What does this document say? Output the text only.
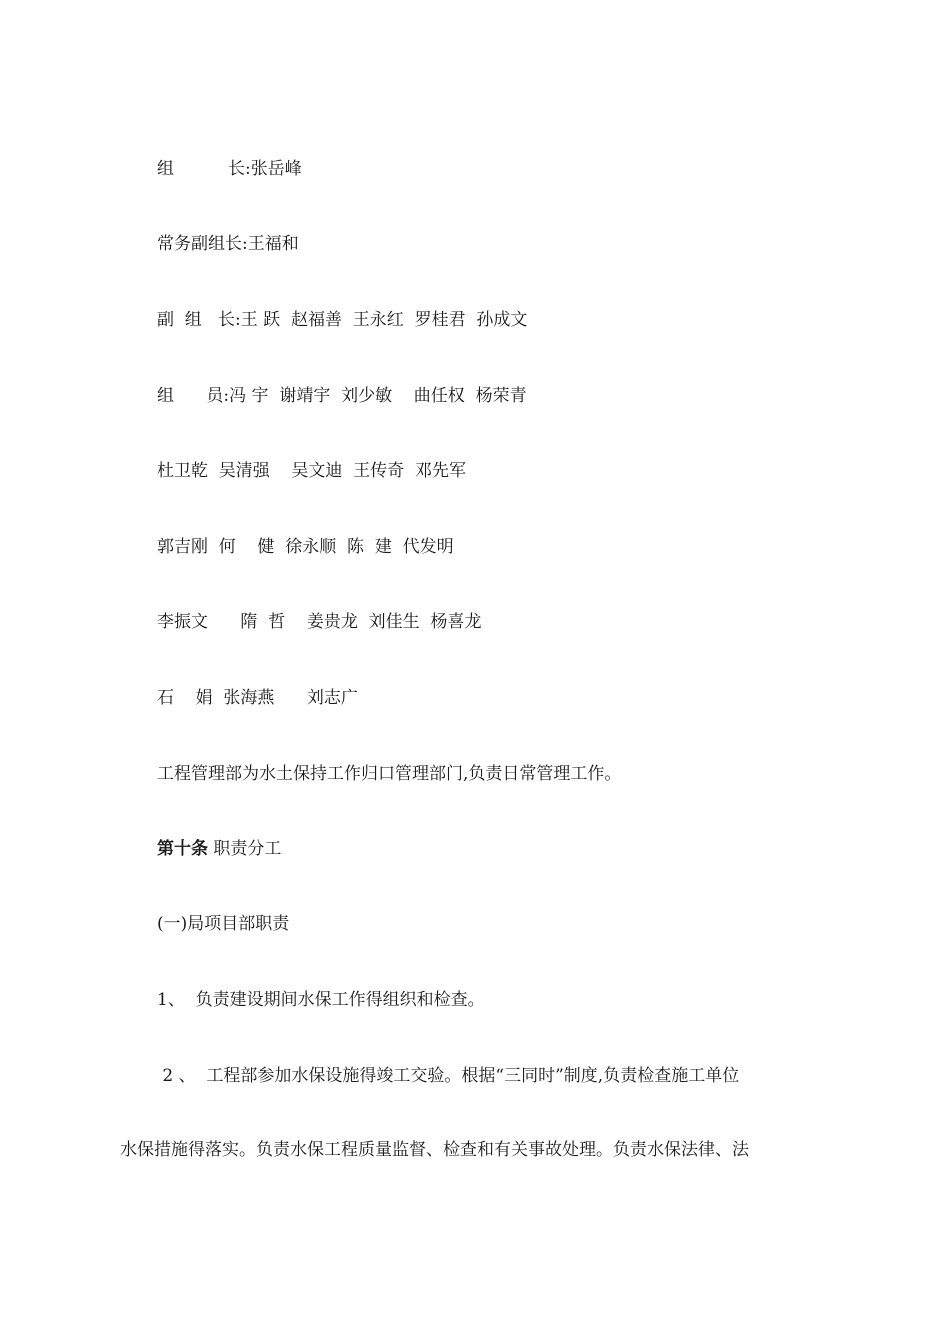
组          长:张岳峰

常务副组长:王福和

副  组   长:王 跃  赵福善  王永红  罗桂君  孙成文

组      员:冯 宇  谢靖宇  刘少敏    曲任权  杨荣青

杜卫乾  吴清强    吴文迪  王传奇  邓先军

郭吉刚  何    健  徐永顺  陈  建  代发明

李振文      隋  哲    姜贵龙  刘佳生  杨喜龙

石    娟  张海燕      刘志广

工程管理部为水土保持工作归口管理部门,负责日常管理工作。

第十条 职责分工

(一)局项目部职责

1、  负责建设期间水保工作得组织和检查。

2 、  工程部参加水保设施得竣工交验。根据“三同时”制度,负责检查施工单位

水保措施得落实。负责水保工程质量监督、检查和有关事故处理。负责水保法律、法
